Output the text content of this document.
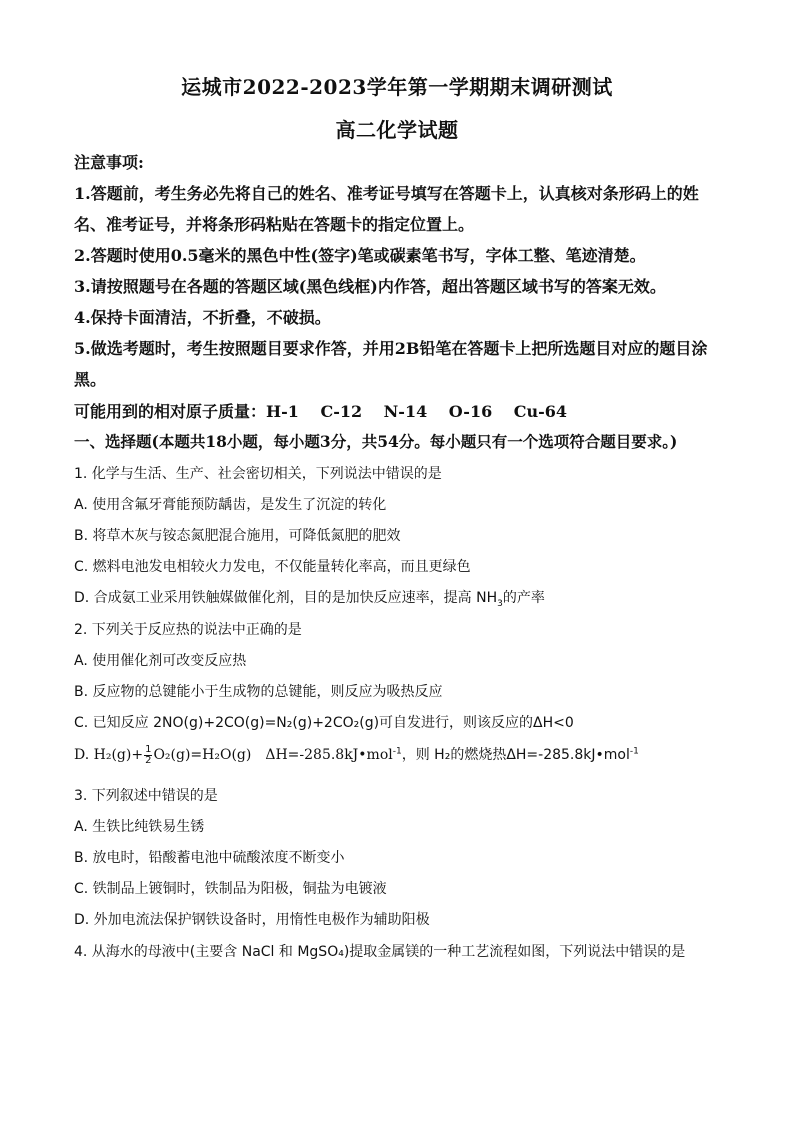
运城市2022-2023学年第一学期期末调研测试
高二化学试题
注意事项:
1.答题前，考生务必先将自己的姓名、准考证号填写在答题卡上，认真核对条形码上的姓
名、准考证号，并将条形码粘贴在答题卡的指定位置上。
2.答题时使用0.5毫米的黑色中性(签字)笔或碳素笔书写，字体工整、笔迹清楚。
3.请按照题号在各题的答题区域(黑色线框)内作答，超出答题区域书写的答案无效。
4.保持卡面清洁，不折叠，不破损。
5.做选考题时，考生按照题目要求作答，并用2B铅笔在答题卡上把所选题目对应的题目涂
黑。
可能用到的相对原子质量：H-1　 C-12　 N-14　 O-16　 Cu-64
一、选择题(本题共18小题，每小题3分，共54分。每小题只有一个选项符合题目要求。)
1. 化学与生活、生产、社会密切相关，下列说法中错误的是
A. 使用含氟牙膏能预防龋齿，是发生了沉淀的转化
B. 将草木灰与铵态氮肥混合施用，可降低氮肥的肥效
C. 燃料电池发电相较火力发电，不仅能量转化率高，而且更绿色
D. 合成氨工业采用铁触媒做催化剂，目的是加快反应速率，提高 $NH_3$的产率
2. 下列关于反应热的说法中正确的是
A. 使用催化剂可改变反应热
B. 反应物的总键能小于生成物的总键能，则反应为吸热反应
C. 已知反应 2NO(g)+2CO(g)=N₂(g)+2CO₂(g)可自发进行，则该反应的ΔH<0
D. $H_2(g)+ \frac{1}{2} O_2(g)=H_2O(g)$　ΔH=-285.8kJ•mol$^{-1}$，则 H₂的燃烧热ΔH=-285.8kJ•mol$^{-1}$
3. 下列叙述中错误的是
A. 生铁比纯铁易生锈
B. 放电时，铅酸蓄电池中硫酸浓度不断变小
C. 铁制品上镀铜时，铁制品为阳极，铜盐为电镀液
D. 外加电流法保护钢铁设备时，用惰性电极作为辅助阳极
4. 从海水的母液中(主要含 NaCl 和 MgSO₄)提取金属镁的一种工艺流程如图，下列说法中错误的是
